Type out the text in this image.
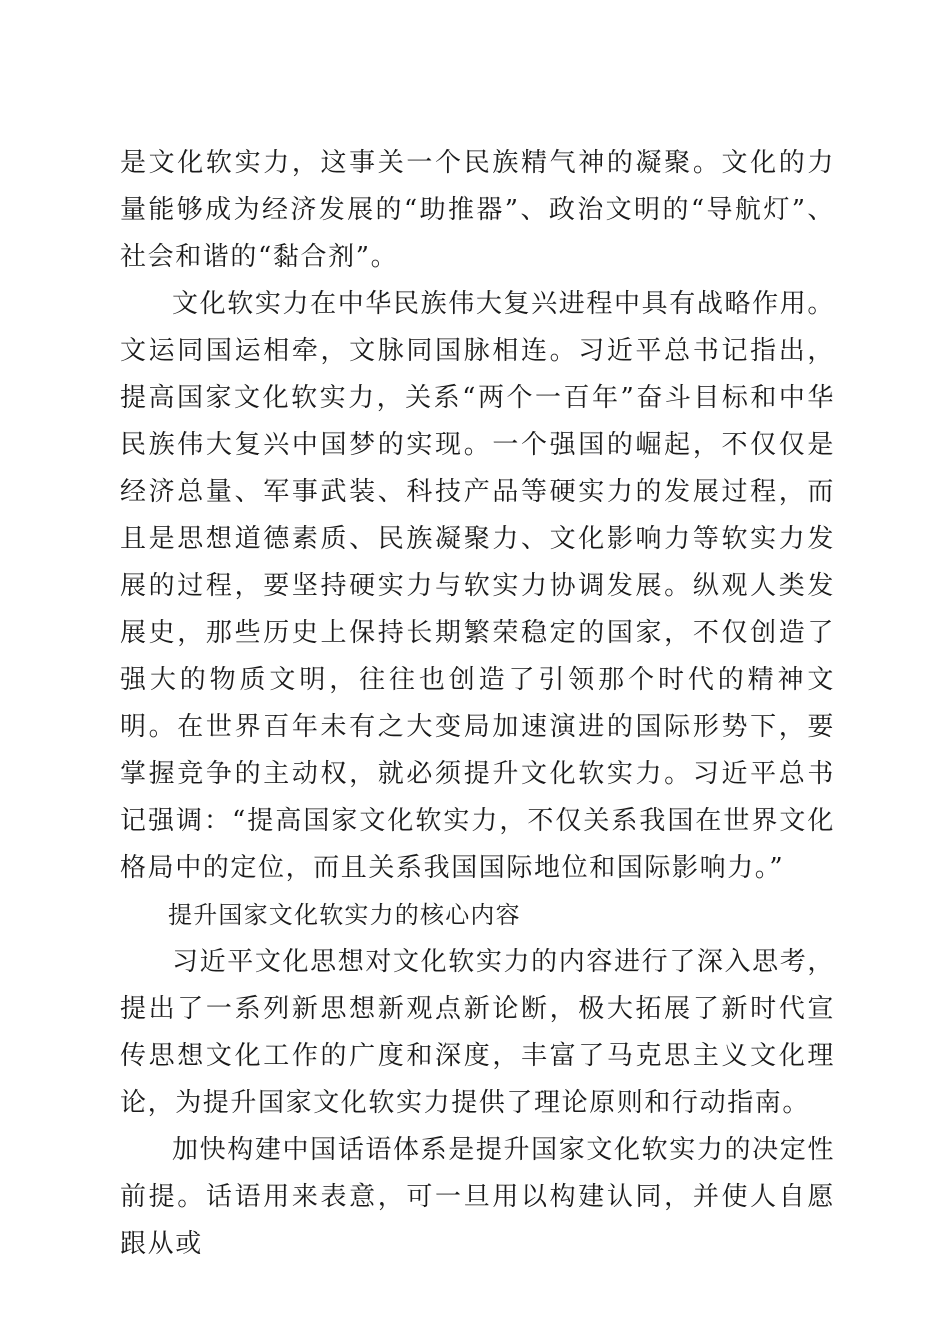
是文化软实力，这事关一个民族精气神的凝聚。文化的力量能够成为经济发展的“助推器”、政治文明的“导航灯”、社会和谐的“黏合剂”。

文化软实力在中华民族伟大复兴进程中具有战略作用。文运同国运相牵，文脉同国脉相连。习近平总书记指出，提高国家文化软实力，关系“两个一百年”奋斗目标和中华民族伟大复兴中国梦的实现。一个强国的崛起，不仅仅是经济总量、军事武装、科技产品等硬实力的发展过程，而且是思想道德素质、民族凝聚力、文化影响力等软实力发展的过程，要坚持硬实力与软实力协调发展。纵观人类发展史，那些历史上保持长期繁荣稳定的国家，不仅创造了强大的物质文明，往往也创造了引领那个时代的精神文明。在世界百年未有之大变局加速演进的国际形势下，要掌握竞争的主动权，就必须提升文化软实力。习近平总书记强调：“提高国家文化软实力，不仅关系我国在世界文化格局中的定位，而且关系我国国际地位和国际影响力。”

提升国家文化软实力的核心内容

习近平文化思想对文化软实力的内容进行了深入思考，提出了一系列新思想新观点新论断，极大拓展了新时代宣传思想文化工作的广度和深度，丰富了马克思主义文化理论，为提升国家文化软实力提供了理论原则和行动指南。

加快构建中国话语体系是提升国家文化软实力的决定性前提。话语用来表意，可一旦用以构建认同，并使人自愿跟从或
